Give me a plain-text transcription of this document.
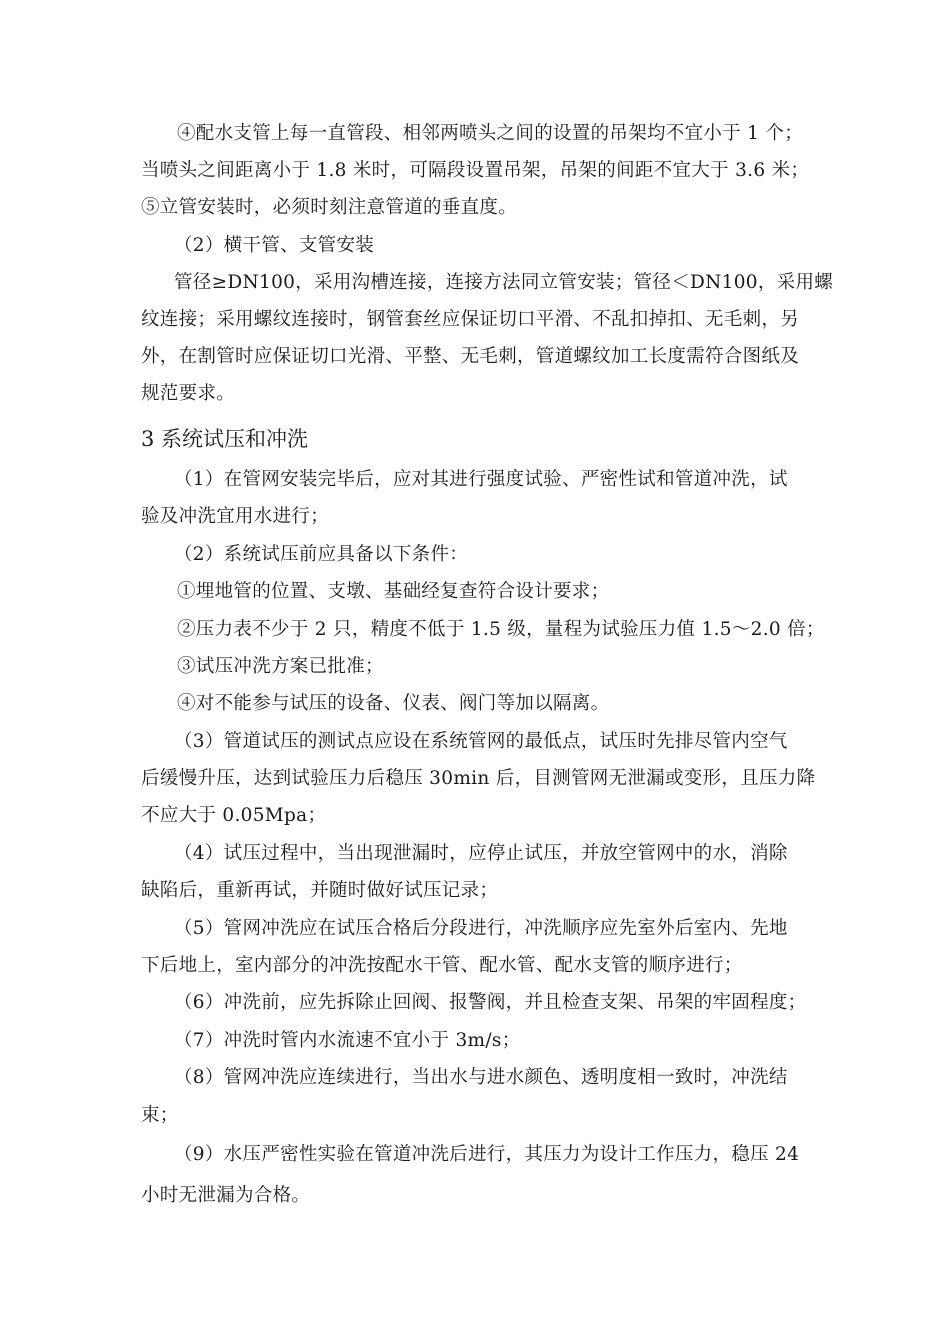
④配水支管上每一直管段、相邻两喷头之间的设置的吊架均不宜小于 1 个；
当喷头之间距离小于 1.8 米时，可隔段设置吊架，吊架的间距不宜大于 3.6 米；
⑤立管安装时，必须时刻注意管道的垂直度。
（2）横干管、支管安装
管径≥DN100，采用沟槽连接，连接方法同立管安装；管径＜DN100，采用螺
纹连接；采用螺纹连接时，钢管套丝应保证切口平滑、不乱扣掉扣、无毛刺，另
外，在割管时应保证切口光滑、平整、无毛刺，管道螺纹加工长度需符合图纸及
规范要求。
3 系统试压和冲洗
（1）在管网安装完毕后，应对其进行强度试验、严密性试和管道冲洗，试
验及冲洗宜用水进行；
（2）系统试压前应具备以下条件：
①埋地管的位置、支墩、基础经复查符合设计要求；
②压力表不少于 2 只，精度不低于 1.5 级，量程为试验压力值 1.5～2.0 倍；
③试压冲洗方案已批准；
④对不能参与试压的设备、仪表、阀门等加以隔离。
（3）管道试压的测试点应设在系统管网的最低点，试压时先排尽管内空气
后缓慢升压，达到试验压力后稳压 30min 后，目测管网无泄漏或变形，且压力降
不应大于 0.05Mpa；
（4）试压过程中，当出现泄漏时，应停止试压，并放空管网中的水，消除
缺陷后，重新再试，并随时做好试压记录；
（5）管网冲洗应在试压合格后分段进行，冲洗顺序应先室外后室内、先地
下后地上，室内部分的冲洗按配水干管、配水管、配水支管的顺序进行；
（6）冲洗前，应先拆除止回阀、报警阀，并且检查支架、吊架的牢固程度；
（7）冲洗时管内水流速不宜小于 3m/s；
（8）管网冲洗应连续进行，当出水与进水颜色、透明度相一致时，冲洗结
束；
（9）水压严密性实验在管道冲洗后进行，其压力为设计工作压力，稳压 24
小时无泄漏为合格。
